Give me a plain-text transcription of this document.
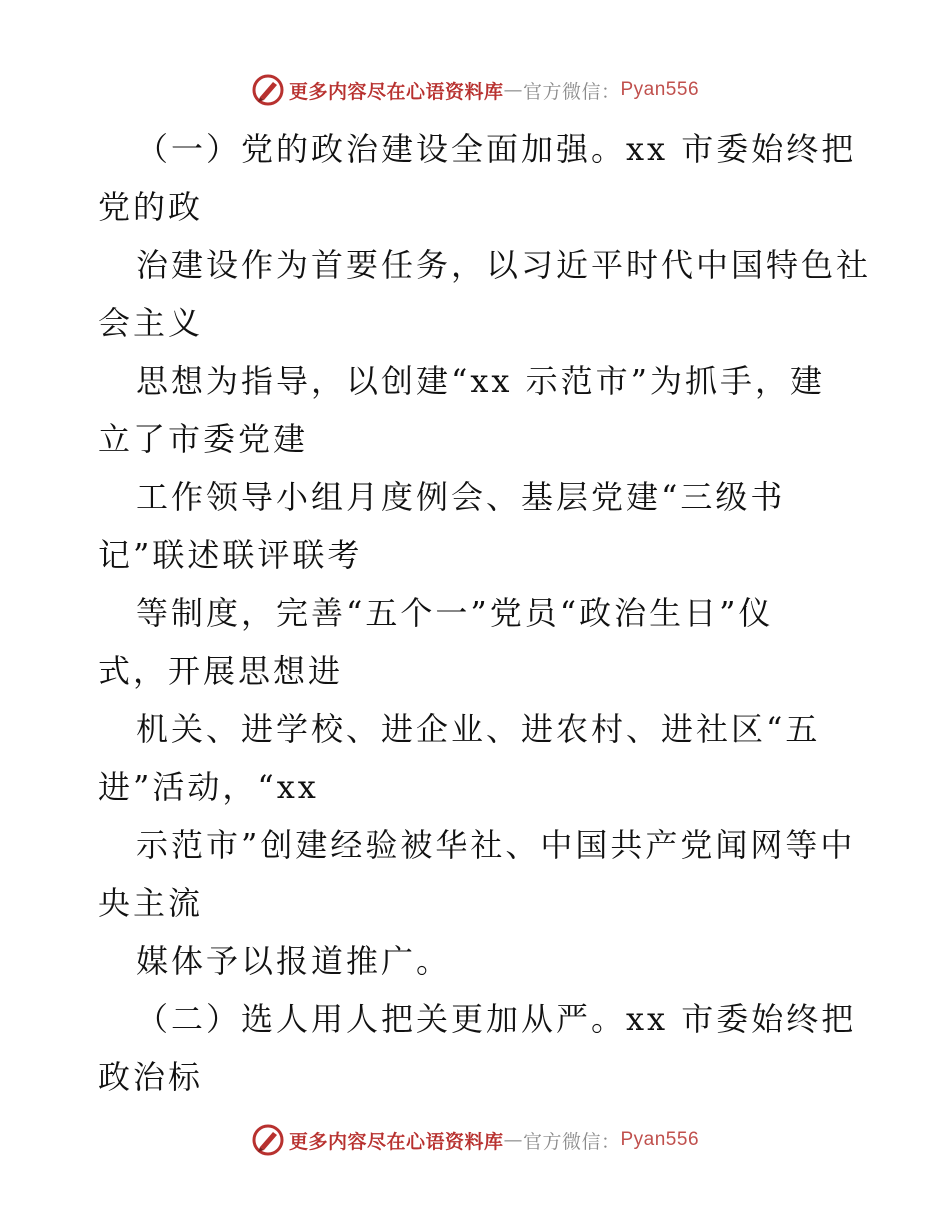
更多内容尽在心语资料库 — 官方微信： Pyan556
（一）党的政治建设全面加强。xx 市委始终把
党的政
治建设作为首要任务，以习近平时代中国特色社
会主义
思想为指导，以创建“xx 示范市”为抓手，建
立了市委党建
工作领导小组月度例会、基层党建“三级书
记”联述联评联考
等制度，完善“五个一”党员“政治生日”仪
式，开展思想进
机关、进学校、进企业、进农村、进社区“五
进”活动，“xx
示范市”创建经验被华社、中国共产党闻网等中
央主流
媒体予以报道推广。
（二）选人用人把关更加从严。xx 市委始终把
政治标
更多内容尽在心语资料库 — 官方微信： Pyan556
